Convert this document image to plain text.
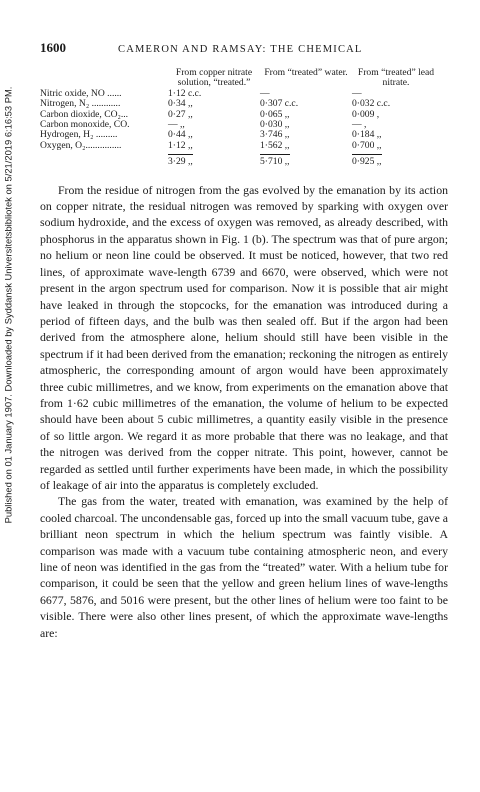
Published on 01 January 1907. Downloaded by Syddansk Universitetsbibliotek on 5/21/2019 6:16:53 PM.
1600	CAMERON AND RAMSAY: THE CHEMICAL
	From copper nitrate solution, “treated.”	From “treated” water.	From “treated” lead nitrate.
Nitric oxide, NO ......	1·12 c.c.	—	—
Nitrogen, N₂ ............	0·34 ,,	0·307 c.c.	0·032 c.c.
Carbon dioxide, CO₂...	0·27 ,,	0·065 ,,	0·009 ,
Carbon monoxide, CO.	— ,,	0·030 ,,	— ,
Hydrogen, H₂ .........	0·44 ,,	3·746 ,,	0·184 ,,
Oxygen, O₂...............	1·12 ,,	1·562 ,,	0·700 ,,
	3·29 ,,	5·710 ,,	0·925 ,,

From the residue of nitrogen from the gas evolved by the emanation by its action on copper nitrate, the residual nitrogen was removed by sparking with oxygen over sodium hydroxide, and the excess of oxygen was removed, as already described, with phosphorus in the apparatus shown in Fig. 1 (b). The spectrum was that of pure argon; no helium or neon line could be observed. It must be noticed, however, that two red lines, of approximate wave-length 6739 and 6670, were observed, which were not present in the argon spectrum used for comparison. Now it is possible that air might have leaked in through the stopcocks, for the emanation was introduced during a period of fifteen days, and the bulb was then sealed off. But if the argon had been derived from the atmosphere alone, helium should still have been visible in the spectrum if it had been derived from the emanation; reckoning the nitrogen as entirely atmospheric, the corresponding amount of argon would have been approximately three cubic millimetres, and we know, from experiments on the emanation above that from 1·62 cubic millimetres of the emanation, the volume of helium to be expected should have been about 5 cubic millimetres, a quantity easily visible in the presence of so little argon. We regard it as more probable that there was no leakage, and that the nitrogen was derived from the copper nitrate. This point, however, cannot be regarded as settled until further experiments have been made, in which the possibility of leakage of air into the apparatus is completely excluded.

The gas from the water, treated with emanation, was examined by the help of cooled charcoal. The uncondensable gas, forced up into the small vacuum tube, gave a brilliant neon spectrum in which the helium spectrum was faintly visible. A comparison was made with a vacuum tube containing atmospheric neon, and every line of neon was identified in the gas from the “treated” water. With a helium tube for comparison, it could be seen that the yellow and green helium lines of wave-lengths 6677, 5876, and 5016 were present, but the other lines of helium were too faint to be visible. There were also other lines present, of which the approximate wave-lengths are:
